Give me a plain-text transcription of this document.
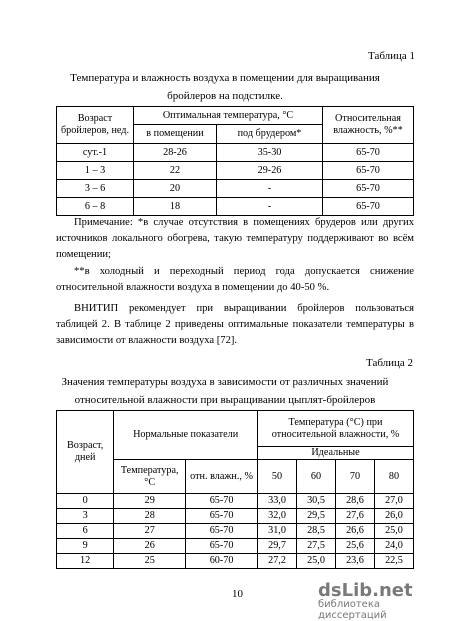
Таблица 1
Температура и влажность воздуха в помещении для выращивания
бройлеров на подстилке.
Возраст бройлеров, нед.	Оптимальная температура, °С		Относительная влажность, %**
	в помещении	под брудером*	
сут.-1	28-26	35-30	65-70
1 – 3	22	29-26	65-70
3 – 6	20	-	65-70
6 – 8	18	-	65-70
Примечание: *в случае отсутствия в помещениях брудеров или других источников локального обогрева, такую температуру поддерживают во всём помещении;
**в холодный и переходный период года допускается снижение относительной влажности воздуха в помещении до 40-50 %.
ВНИТИП рекомендует при выращивании бройлеров пользоваться таблицей 2. В таблице 2 приведены оптимальные показатели температуры в зависимости от влажности воздуха [72].
Таблица 2
Значения температуры воздуха в зависимости от различных значений
относительной влажности при выращивании цыплят-бройлеров
Возраст, дней	Нормальные показатели		Температура (°С) при относительной влажности, %			
			Идеальные			
	Температура, °С	отн. влажн., %	50	60	70	80
0	29	65-70	33,0	30,5	28,6	27,0
3	28	65-70	32,0	29,5	27,6	26,0
6	27	65-70	31,0	28,5	26,6	25,0
9	26	65-70	29,7	27,5	25,6	24,0
12	25	60-70	27,2	25,0	23,6	22,5
10	dsLib.net
библиотека диссертаций
